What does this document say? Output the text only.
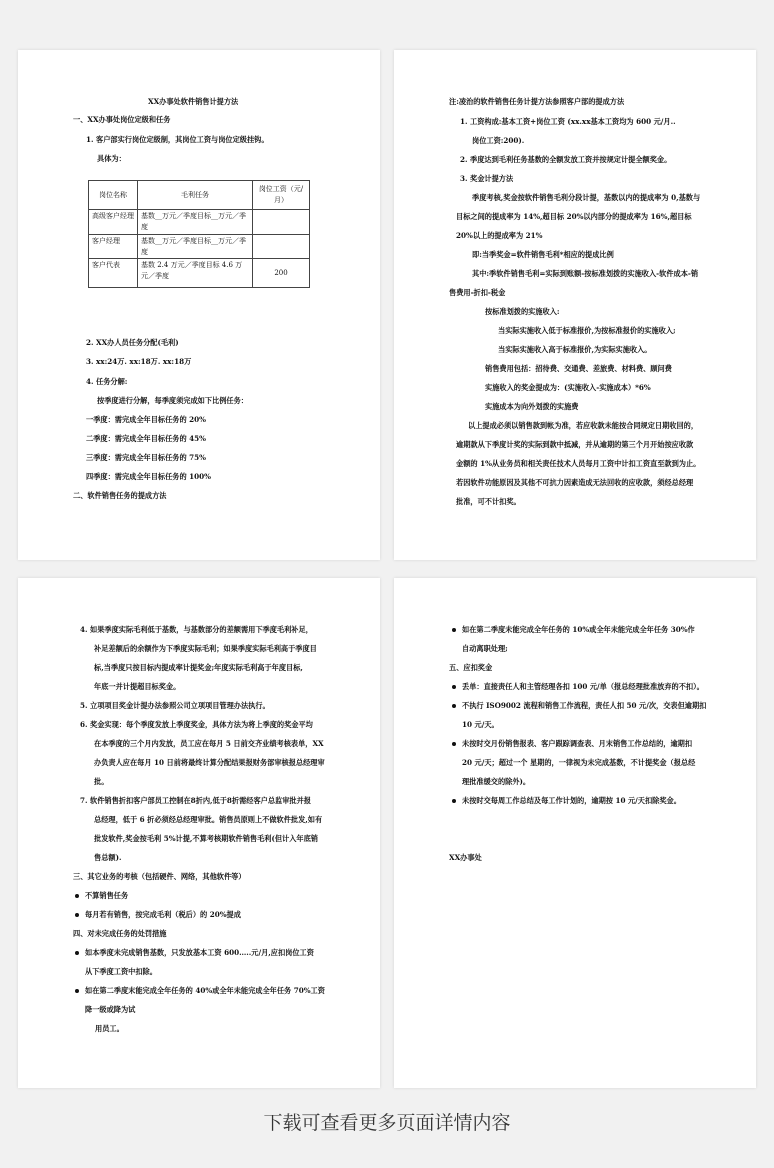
XX办事处软件销售计提方法
一、XX办事处岗位定级和任务
1. 客户部实行岗位定级制，其岗位工资与岗位定级挂钩。
具体为：
岗位名称	毛利任务	岗位工资（元/月）
高级客户经理	基数__万元／季度目标__万元／季
度	
客户经理	基数__万元／季度目标__万元／季
度	
客户代表	基数 2.4 万元／季度目标 4.6 万
元／季度	200
2. XX办人员任务分配(毛利)
3. xx:24万. xx:18万. xx:18万
4. 任务分解:
按季度进行分解，每季度须完成如下比例任务：
一季度：需完成全年目标任务的 20%
二季度：需完成全年目标任务的 45%
三季度：需完成全年目标任务的 75%
四季度：需完成全年目标任务的 100%
二、软件销售任务的提成方法
注:凌治的软件销售任务计提方法参照客户部的提成方法
1. 工资构成:基本工资+岗位工资 (xx.xx基本工资均为 600 元/月..
岗位工资:200).
2. 季度达到毛利任务基数的全额发放工资并按规定计提全额奖金。
3. 奖金计提方法
季度考核,奖金按软件销售毛利分段计提，基数以内的提成率为 0,基数与
目标之间的提成率为 14%,超目标 20%以内部分的提成率为 16%,超目标
20%以上的提成率为 21%
即:当季奖金=软件销售毛利*相应的提成比例
其中:季软件销售毛利=实际到账额-按标准划拨的实施收入-软件成本-销
售费用-折扣-税金
按标准划拨的实施收入:
当实际实施收入低于标准报价,为按标准报价的实施收入;
当实际实施收入高于标准报价,为实际实施收入。
销售费用包括：招待费、交通费、差旅费、材料费、顾问费
实施收入的奖金提成为：(实施收入-实施成本）*6%
实施成本为向外划拨的实施费
以上提成必须以销售款到帐为准，若应收款未能按合同规定日期收回的，
逾期款从下季度计奖的实际到款中抵减，并从逾期的第三个月开始按应收款
金额的 1%从业务员和相关责任技术人员每月工资中计扣工资直至款到为止。
若因软件功能原因及其他不可抗力因素造成无法回收的应收款，须经总经理
批准，可不计扣奖。
4. 如果季度实际毛利低于基数，与基数部分的差额需用下季度毛利补足，
补足差额后的余额作为下季度实际毛利；如果季度实际毛利高于季度目
标,当季度只按目标内提成率计提奖金;年度实际毛利高于年度目标,
年底一并计提超目标奖金。
5. 立项项目奖金计提办法参照公司立项项目管理办法执行。
6. 奖金实现：每个季度发放上季度奖金，具体方法为将上季度的奖金平均
在本季度的三个月内发放，员工应在每月 5 日前交齐业绩考核表单，XX
办负责人应在每月 10 日前将最终计算分配结果报财务部审核报总经理审
批。
7. 软件销售折扣客户部员工控制在8折内,低于8折需经客户总监审批并报
总经理，低于 6 折必须经总经理审批。销售员原则上不做软件批发,如有
批发软件,奖金按毛利 5%计提,不算考核期软件销售毛利(但计入年底销
售总额).
三、其它业务的考核（包括硬件、网络，其他软件等）
不算销售任务
每月若有销售，按完成毛利（税后）的 20%提成
四、对未完成任务的处罚措施
如本季度未完成销售基数，只发放基本工资 600…..元/月,应扣岗位工资
从下季度工资中扣除。
如在第二季度末能完成全年任务的 40%或全年未能完成全年任务 70%工资
降一级或降为试
用员工。
如在第二季度未能完成全年任务的 10%或全年未能完成全年任务 30%作
自动离职处理;
五、应扣奖金
丢单：直接责任人和主管经理各扣 100 元/单（报总经理批准放弃的不扣）。
不执行 ISO9002 流程和销售工作流程，责任人扣 50 元/次，交表但逾期扣
10 元/天。
未按时交月份销售报表、客户跟踪调查表、月末销售工作总结的，逾期扣
20 元/天；超过一个 星期的，一律视为未完成基数，不计提奖金（报总经
理批准缓交的除外)。
未按时交每周工作总结及每工作计划的，逾期按 10 元/天扣除奖金。
XX办事处
下载可查看更多页面详情内容
